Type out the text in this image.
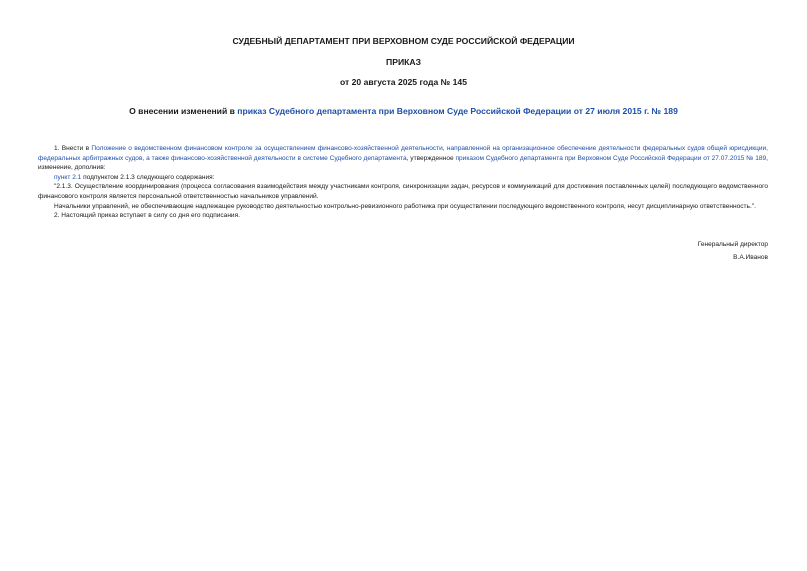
СУДЕБНЫЙ ДЕПАРТАМЕНТ ПРИ ВЕРХОВНОМ СУДЕ РОССИЙСКОЙ ФЕДЕРАЦИИ
ПРИКАЗ
от 20 августа 2025 года № 145
О внесении изменений в приказ Судебного департамента при Верховном Суде Российской Федерации от 27 июля 2015 г. № 189

1. Внести в Положение о ведомственном финансовом контроле за осуществлением финансово-хозяйственной деятельности, направленной на организационное обеспечение деятельности федеральных судов общей юрисдикции, федеральных арбитражных судов, а также финансово-хозяйственной деятельности в системе Судебного департамента, утвержденное приказом Судебного департамента при Верховном Суде Российской Федерации от 27.07.2015 № 189, изменение, дополнив:

пункт 2.1 подпунктом 2.1.3 следующего содержания:

"2.1.3. Осуществление координирования (процесса согласования взаимодействия между участниками контроля, синхронизации задач, ресурсов и коммуникаций для достижения поставленных целей) последующего ведомственного финансового контроля является персональной ответственностью начальников управлений.

Начальники управлений, не обеспечивающие надлежащее руководство деятельностью контрольно-ревизионного работника при осуществлении последующего ведомственного контроля, несут дисциплинарную ответственность.".

2. Настоящий приказ вступает в силу со дня его подписания.

Генеральный директор
В.А.Иванов
